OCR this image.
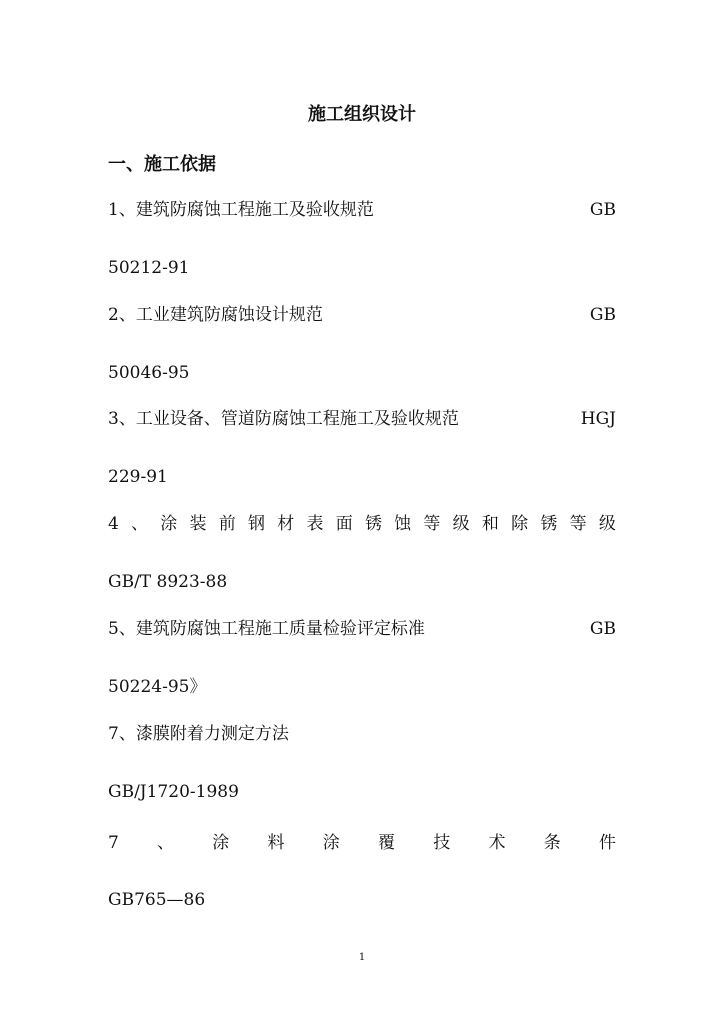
施工组织设计
一、施工依据
1、建筑防腐蚀工程施工及验收规范	GB
50212-91
2、工业建筑防腐蚀设计规范	GB
50046-95
3、工业设备、管道防腐蚀工程施工及验收规范	HGJ
229-91
4 、 涂 装 前 钢 材 表 面 锈 蚀 等 级 和 除 锈 等 级
GB/T 8923-88
5、建筑防腐蚀工程施工质量检验评定标准	GB
50224-95》
7、漆膜附着力测定方法
GB/J1720-1989
7 、 涂 料 涂 覆 技 术 条 件
GB765—86
1
